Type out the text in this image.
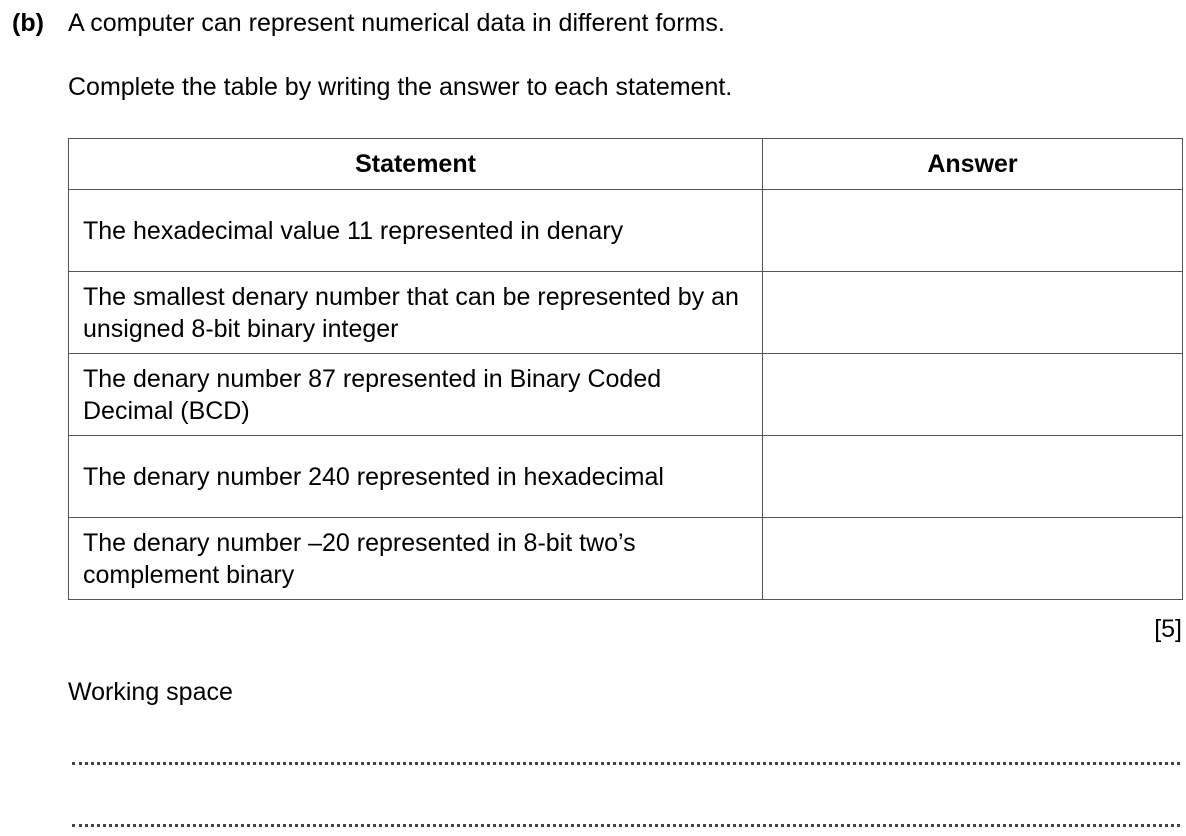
(b) A computer can represent numerical data in different forms.
Complete the table by writing the answer to each statement.
Statement	Answer
The hexadecimal value 11 represented in denary	
The smallest denary number that can be represented by an unsigned 8-bit binary integer	
The denary number 87 represented in Binary Coded Decimal (BCD)	
The denary number 240 represented in hexadecimal	
The denary number –20 represented in 8-bit two’s complement binary	
[5]
Working space
